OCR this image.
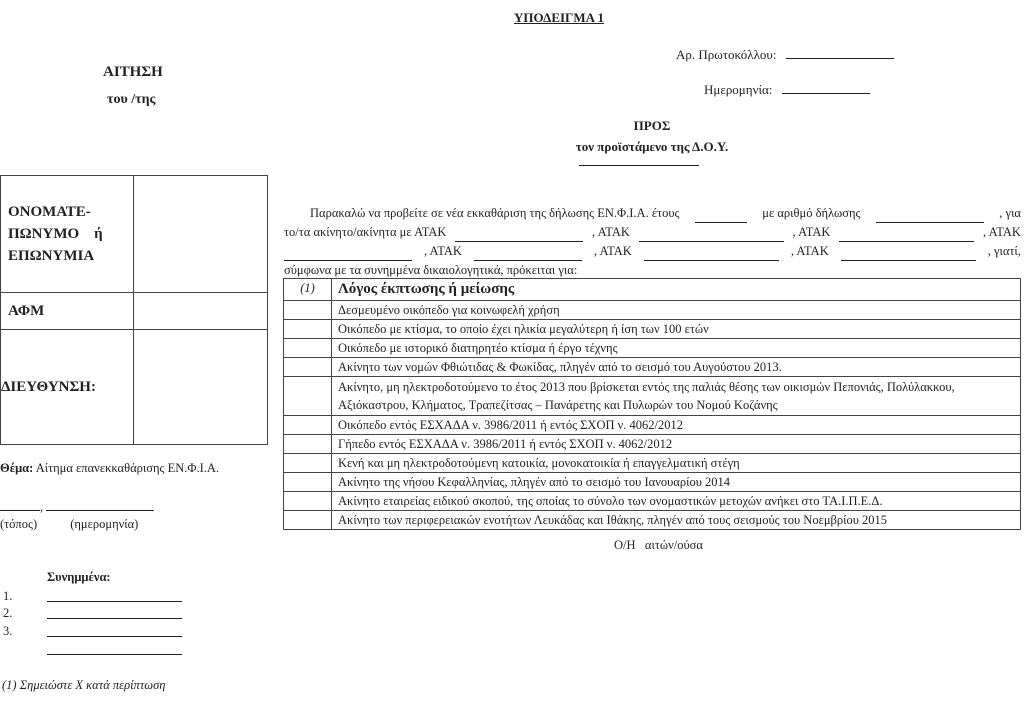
ΥΠΟΔΕΙΓΜΑ 1
Αρ. Πρωτοκόλλου:
Ημερομηνία:
ΠΡΟΣ
τον προϊστάμενο της Δ.Ο.Υ.
ΑΙΤΗΣΗ
του /της
ΟΝΟΜΑΤΕ-
ΠΩΝΥΜΟ    ή
ΕΠΩΝΥΜΙΑ	
ΑΦΜ	
ΔΙΕΥΘΥΝΣΗ:	
Θέμα: Αίτημα επανεκκαθάρισης ΕΝ.Φ.Ι.Α.
,
(τόπος)	(ημερομηνία)
Συνημμένα:
1.
2.
3.
(1) Σημειώστε Χ κατά περίπτωση
Παρακαλώ να προβείτε σε νέα εκκαθάριση της δήλωσης ΕΝ.Φ.Ι.Α. έτους	με αριθμό δήλωσης	, για
το/τα ακίνητο/ακίνητα με ΑΤΑΚ	, ΑΤΑΚ	, ΑΤΑΚ	, ΑΤΑΚ
, ΑΤΑΚ	, ΑΤΑΚ	, ΑΤΑΚ	, γιατί,
σύμφωνα με τα συνημμένα δικαιολογητικά, πρόκειται για:
(1)	Λόγος έκπτωσης ή μείωσης
	Δεσμευμένο οικόπεδο για κοινωφελή χρήση
	Οικόπεδο με κτίσμα, το οποίο έχει ηλικία μεγαλύτερη ή ίση των 100 ετών
	Οικόπεδο με ιστορικό διατηρητέο κτίσμα ή έργο τέχνης
	Ακίνητο των νομών Φθιώτιδας & Φωκίδας, πληγέν από το σεισμό του Αυγούστου 2013.
	Ακίνητο, μη ηλεκτροδοτούμενο το έτος 2013 που βρίσκεται εντός της παλιάς θέσης των οικισμών Πεπονιάς, Πολύλακκου, Αξιόκαστρου, Κλήματος, Τραπεζίτσας – Πανάρετης και Πυλωρών του Νομού Κοζάνης
	Οικόπεδο εντός ΕΣΧΑΔΑ ν. 3986/2011 ή εντός ΣΧΟΠ ν. 4062/2012
	Γήπεδο εντός ΕΣΧΑΔΑ ν. 3986/2011 ή εντός ΣΧΟΠ ν. 4062/2012
	Κενή και μη ηλεκτροδοτούμενη κατοικία, μονοκατοικία ή επαγγελματική στέγη
	Ακίνητο της νήσου Κεφαλληνίας, πληγέν από το σεισμό του Ιανουαρίου 2014
	Ακίνητο εταιρείας ειδικού σκοπού, της οποίας το σύνολο των ονομαστικών μετοχών ανήκει στο ΤΑ.Ι.Π.Ε.Δ.
	Ακίνητο των περιφερειακών ενοτήτων Λευκάδας και Ιθάκης, πληγέν από τους σεισμούς του Νοεμβρίου 2015
Ο/Η   αιτών/ούσα
